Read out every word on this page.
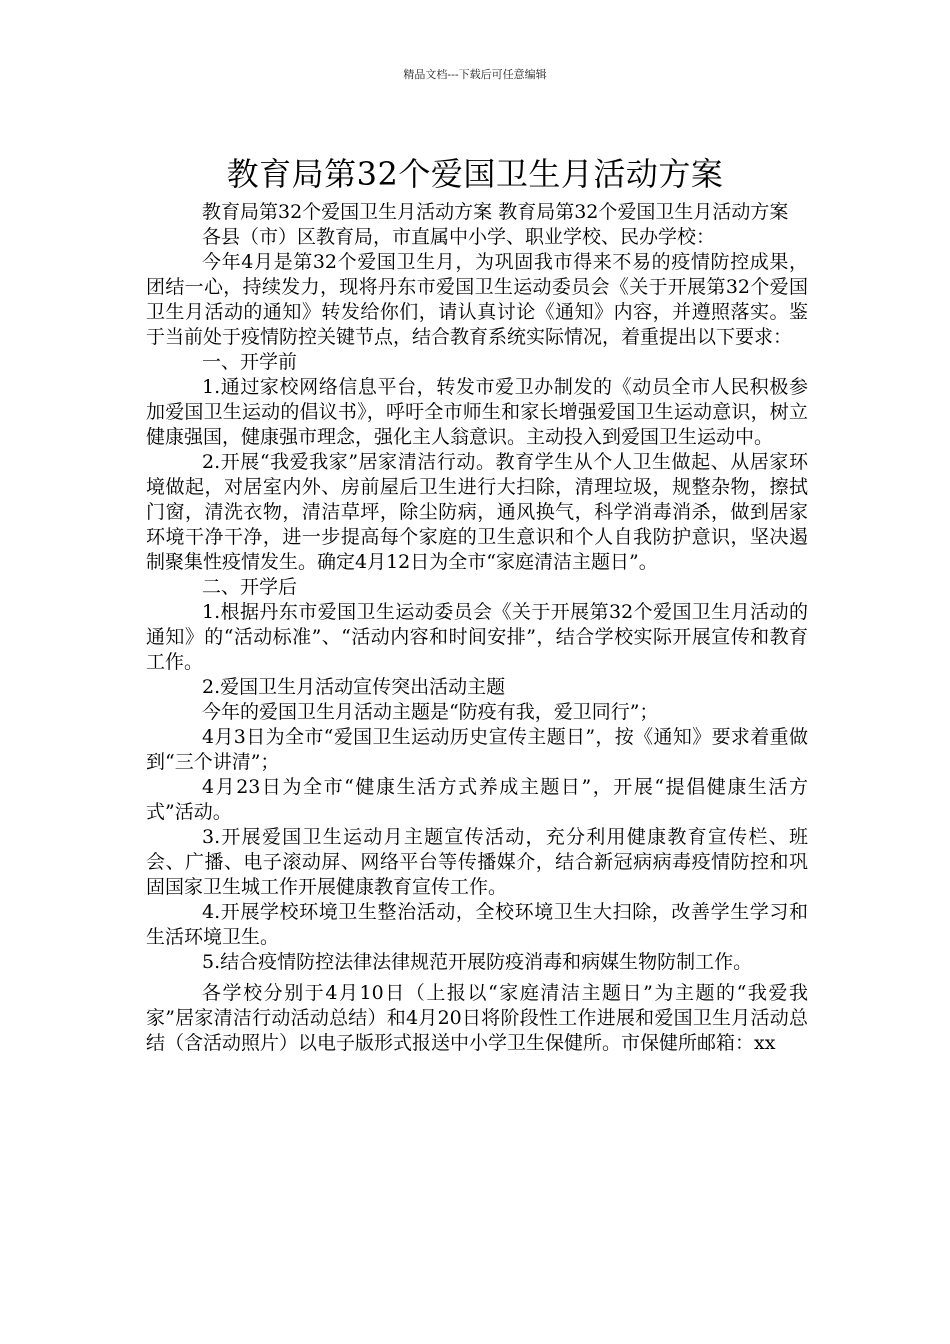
精品文档---下载后可任意编辑
教育局第32个爱国卫生月活动方案

教育局第32个爱国卫生月活动方案 教育局第32个爱国卫生月活动方案

各县（市）区教育局，市直属中小学、职业学校、民办学校：

今年4月是第32个爱国卫生月，为巩固我市得来不易的疫情防控成果，团结一心，持续发力，现将丹东市爱国卫生运动委员会《关于开展第32个爱国卫生月活动的通知》转发给你们，请认真讨论《通知》内容，并遵照落实。鉴于当前处于疫情防控关键节点，结合教育系统实际情况，着重提出以下要求：

一、开学前

1.通过家校网络信息平台，转发市爱卫办制发的《动员全市人民积极参加爱国卫生运动的倡议书》，呼吁全市师生和家长增强爱国卫生运动意识，树立健康强国，健康强市理念，强化主人翁意识。主动投入到爱国卫生运动中。

2.开展“我爱我家”居家清洁行动。教育学生从个人卫生做起、从居家环境做起，对居室内外、房前屋后卫生进行大扫除，清理垃圾，规整杂物，擦拭门窗，清洗衣物，清洁草坪，除尘防病，通风换气，科学消毒消杀，做到居家环境干净干净，进一步提高每个家庭的卫生意识和个人自我防护意识，坚决遏制聚集性疫情发生。确定4月12日为全市“家庭清洁主题日”。

二、开学后

1.根据丹东市爱国卫生运动委员会《关于开展第32个爱国卫生月活动的通知》的“活动标准”、“活动内容和时间安排”，结合学校实际开展宣传和教育工作。

2.爱国卫生月活动宣传突出活动主题

今年的爱国卫生月活动主题是“防疫有我，爱卫同行”；

4月3日为全市“爱国卫生运动历史宣传主题日”，按《通知》要求着重做到“三个讲清”；

4月23日为全市“健康生活方式养成主题日”，开展“提倡健康生活方式”活动。

3.开展爱国卫生运动月主题宣传活动，充分利用健康教育宣传栏、班会、广播、电子滚动屏、网络平台等传播媒介，结合新冠病病毒疫情防控和巩固国家卫生城工作开展健康教育宣传工作。

4.开展学校环境卫生整治活动，全校环境卫生大扫除，改善学生学习和生活环境卫生。

5.结合疫情防控法律法律规范开展防疫消毒和病媒生物防制工作。

各学校分别于4月10日（上报以“家庭清洁主题日”为主题的“我爱我家”居家清洁行动活动总结）和4月20日将阶段性工作进展和爱国卫生月活动总结（含活动照片）以电子版形式报送中小学卫生保健所。市保健所邮箱：xx
